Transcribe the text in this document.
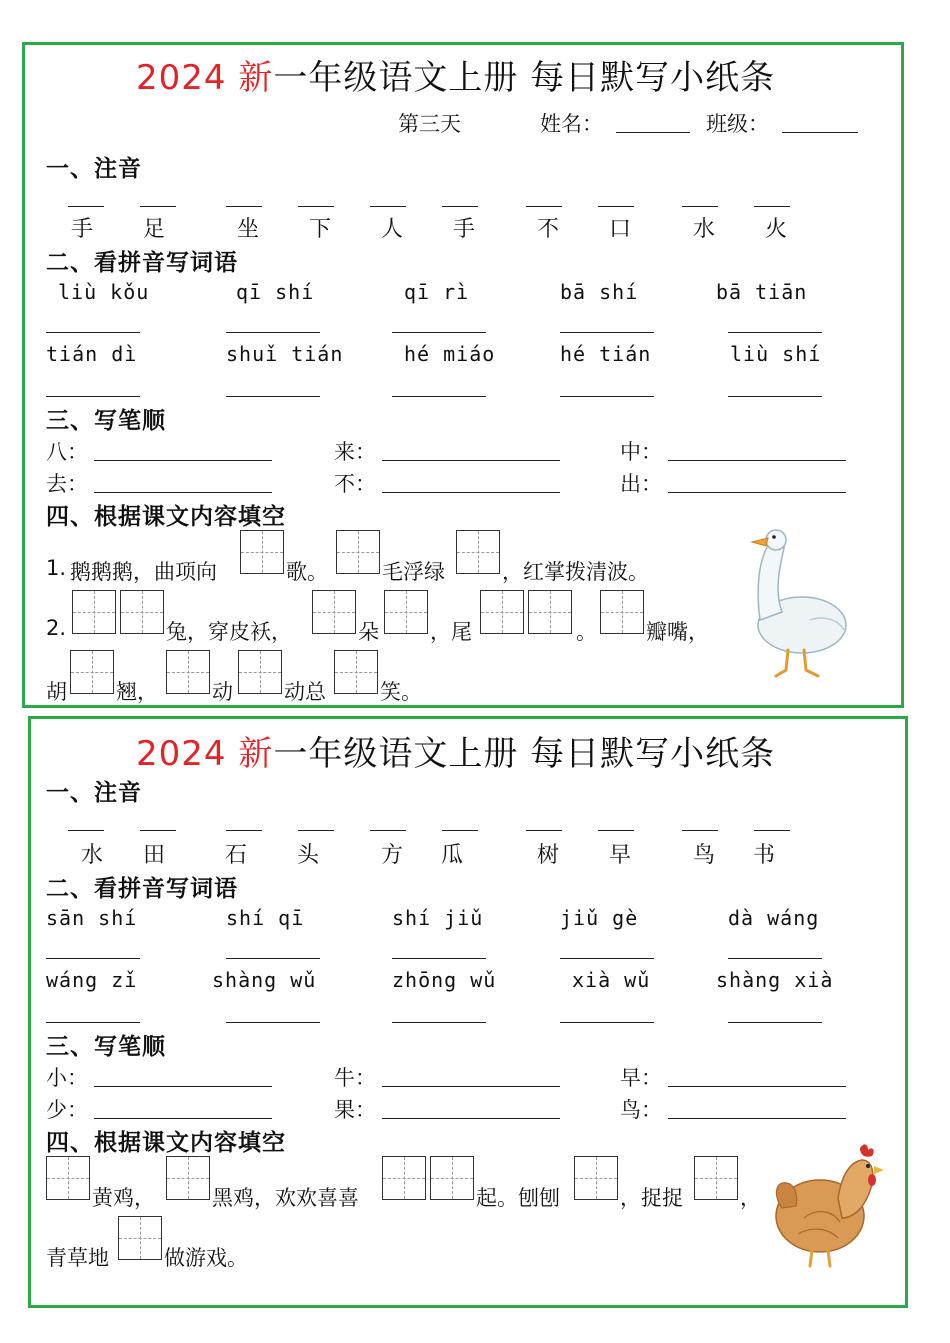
2024 新一年级语文上册 每日默写小纸条
第三天	姓名：	班级：
一、注音
手	足	坐	下	人	手	不	口	水	火
二、看拼音写词语
liù kǒu	qī shí	qī rì	bā shí	bā tiān
tián dì	shuǐ tián	hé miáo	hé tián	liù shí
三、写笔顺
八：	来：	中：
去：	不：	出：
四、根据课文内容填空
1. 鹅鹅鹅，曲项向	歌。	毛浮绿	，红掌拨清波。
2.	兔，穿皮袄，	朵 ，尾	。 瓣嘴，
胡 翘，	动 动总	笑。
2024 新一年级语文上册 每日默写小纸条
一、注音
水	田	石	头	方	瓜	树	早	鸟	书
二、看拼音写词语
sān shí	shí qī	shí jiǔ	jiǔ gè	dà wáng
wáng zǐ	shàng wǔ	zhōng wǔ	xià wǔ	shàng xià
三、写笔顺
小：	牛：	早：
少：	果：	鸟：
四、根据课文内容填空
黄鸡，	黑鸡，欢欢喜喜	起。刨刨	，捉捉	，
青草地	做游戏。
